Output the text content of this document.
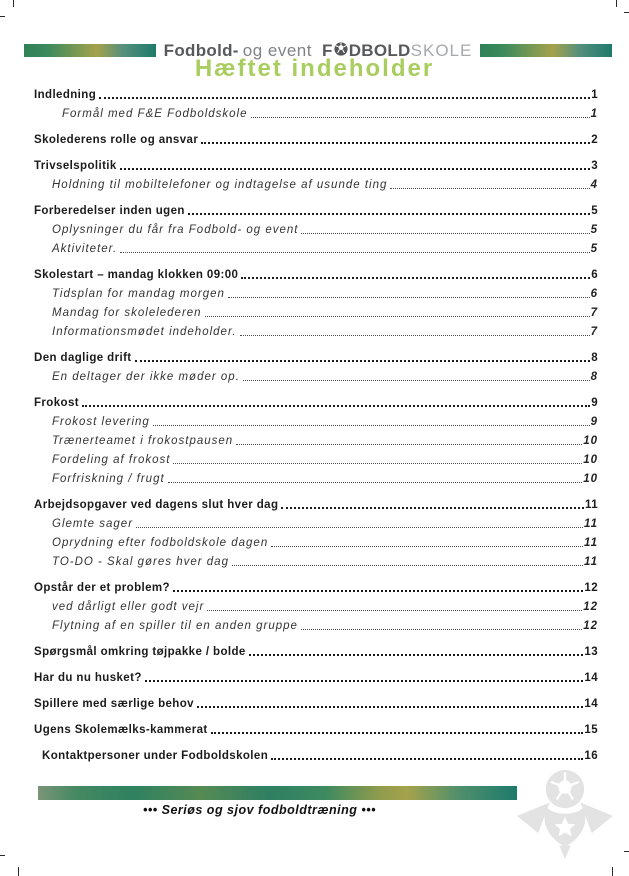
Fodbold- og event F DBOLD SKOLE
Hæftet indeholder
Indledning	1
Formål med F&E Fodboldskole	1
Skolederens rolle og ansvar	2
Trivselspolitik	3
Holdning til mobiltelefoner og indtagelse af usunde ting	4
Forberedelser inden ugen	5
Oplysninger du får fra Fodbold- og event	5
Aktiviteter.	5
Skolestart – mandag klokken 09:00	6
Tidsplan for mandag morgen	6
Mandag for skolelederen	7
Informationsmødet indeholder.	7
Den daglige drift	8
En deltager der ikke møder op.	8
Frokost	9
Frokost levering	9
Trænerteamet i frokostpausen	10
Fordeling af frokost	10
Forfriskning / frugt	10
Arbejdsopgaver ved dagens slut hver dag	11
Glemte sager	11
Oprydning efter fodboldskole dagen	11
TO-DO - Skal gøres hver dag	11
Opstår der et problem?	12
ved dårligt eller godt vejr	12
Flytning af en spiller til en anden gruppe	12
Spørgsmål omkring tøjpakke / bolde	13
Har du nu husket?	14
Spillere med særlige behov	14
Ugens Skolemælks-kammerat	15
Kontaktpersoner under Fodboldskolen	16
••• Seriøs og sjov fodboldtræning •••
